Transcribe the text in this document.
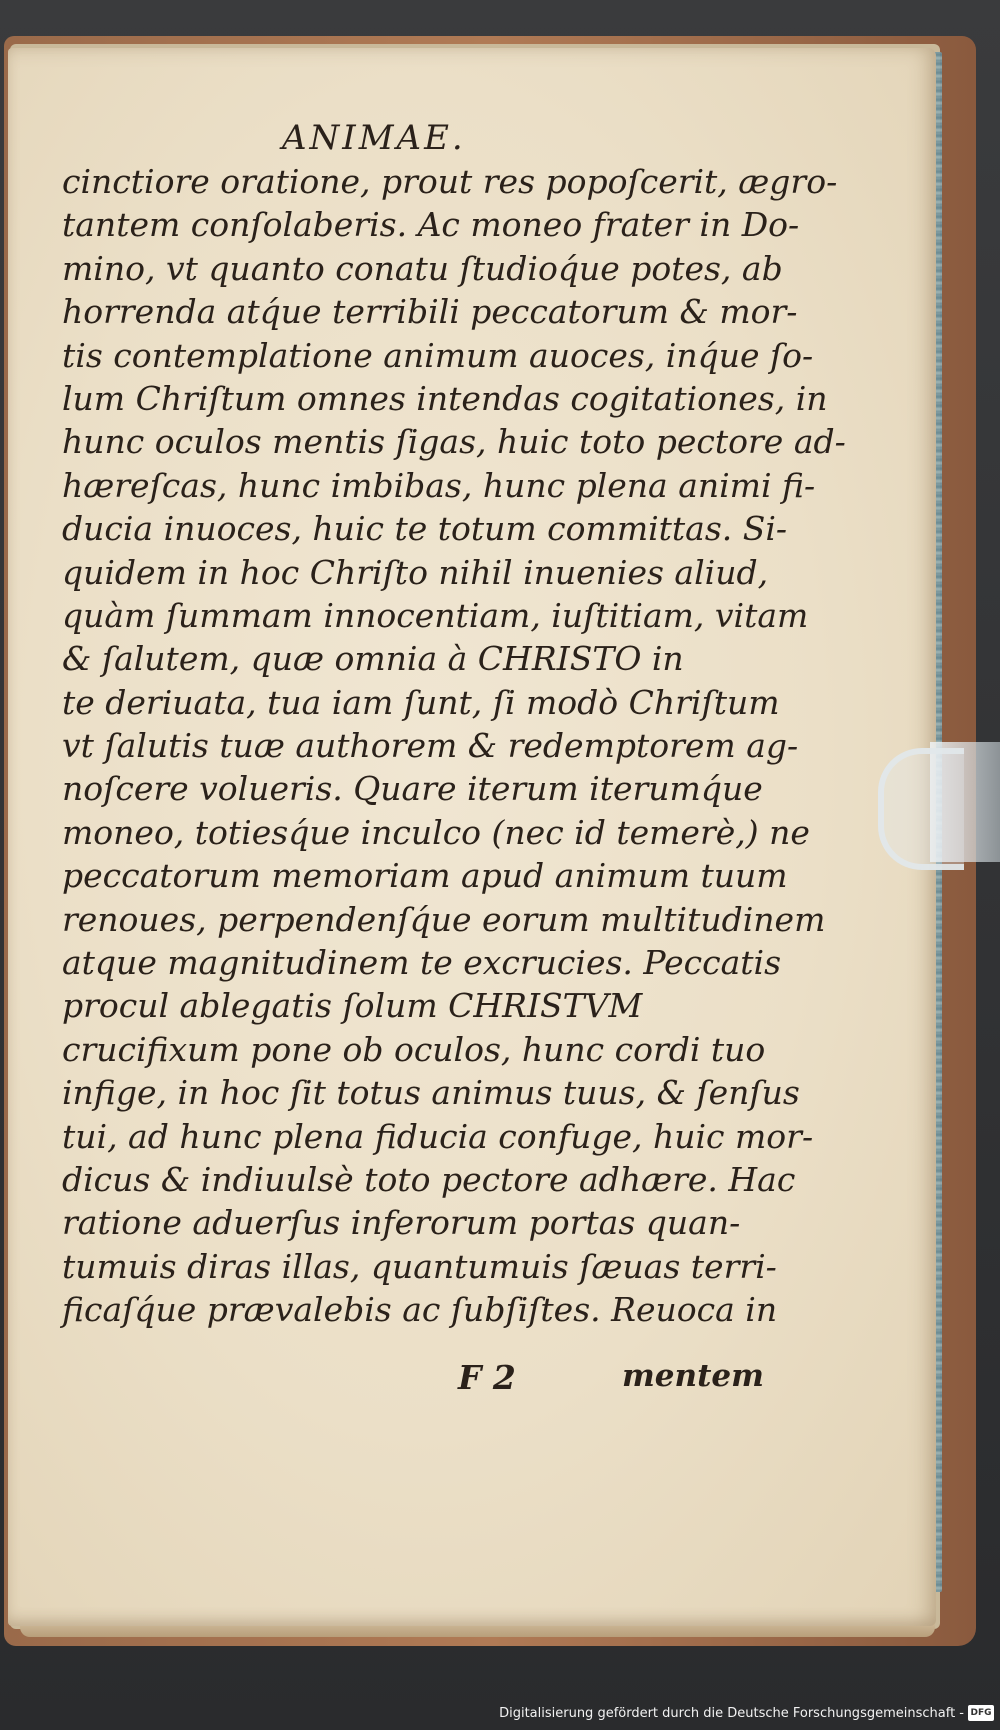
ANIMAE.
cinctiore oratione, prout res popoſcerit, ægro-
tantem conſolaberis. Ac moneo frater in Do-
mino, vt quanto conatu ſtudioq́ue potes, ab
horrenda atq́ue terribili peccatorum & mor-
tis contemplatione animum auoces, inq́ue ſo-
lum Chriſtum omnes intendas cogitationes, in
hunc oculos mentis ſigas, huic toto pectore ad-
hæreſcas, hunc imbibas, hunc plena animi fi-
ducia inuoces, huic te totum committas. Si-
quidem in hoc Chriſto nihil inuenies aliud,
quàm ſummam innocentiam, iuſtitiam, vitam
& ſalutem, quæ omnia à CHRISTO in
te deriuata, tua iam ſunt, ſi modò Chriſtum
vt ſalutis tuæ authorem & redemptorem ag-
noſcere volueris. Quare iterum iterumq́ue
moneo, totiesq́ue inculco (nec id temerè,) ne
peccatorum memoriam apud animum tuum
renoues, perpendenſq́ue eorum multitudinem
atque magnitudinem te excrucies. Peccatis
procul ablegatis ſolum CHRISTVM
crucifixum pone ob oculos, hunc cordi tuo
infige, in hoc ſit totus animus tuus, & ſenſus
tui, ad hunc plena fiducia confuge, huic mor-
dicus & indiuulsè toto pectore adhære. Hac
ratione aduerſus inferorum portas quan-
tumuis diras illas, quantumuis ſæuas terri-
ficaſq́ue prævalebis ac ſubſiſtes. Reuoca in
F 2	mentem
Digitalisierung gefördert durch die Deutsche Forschungsgemeinschaft - DFG
